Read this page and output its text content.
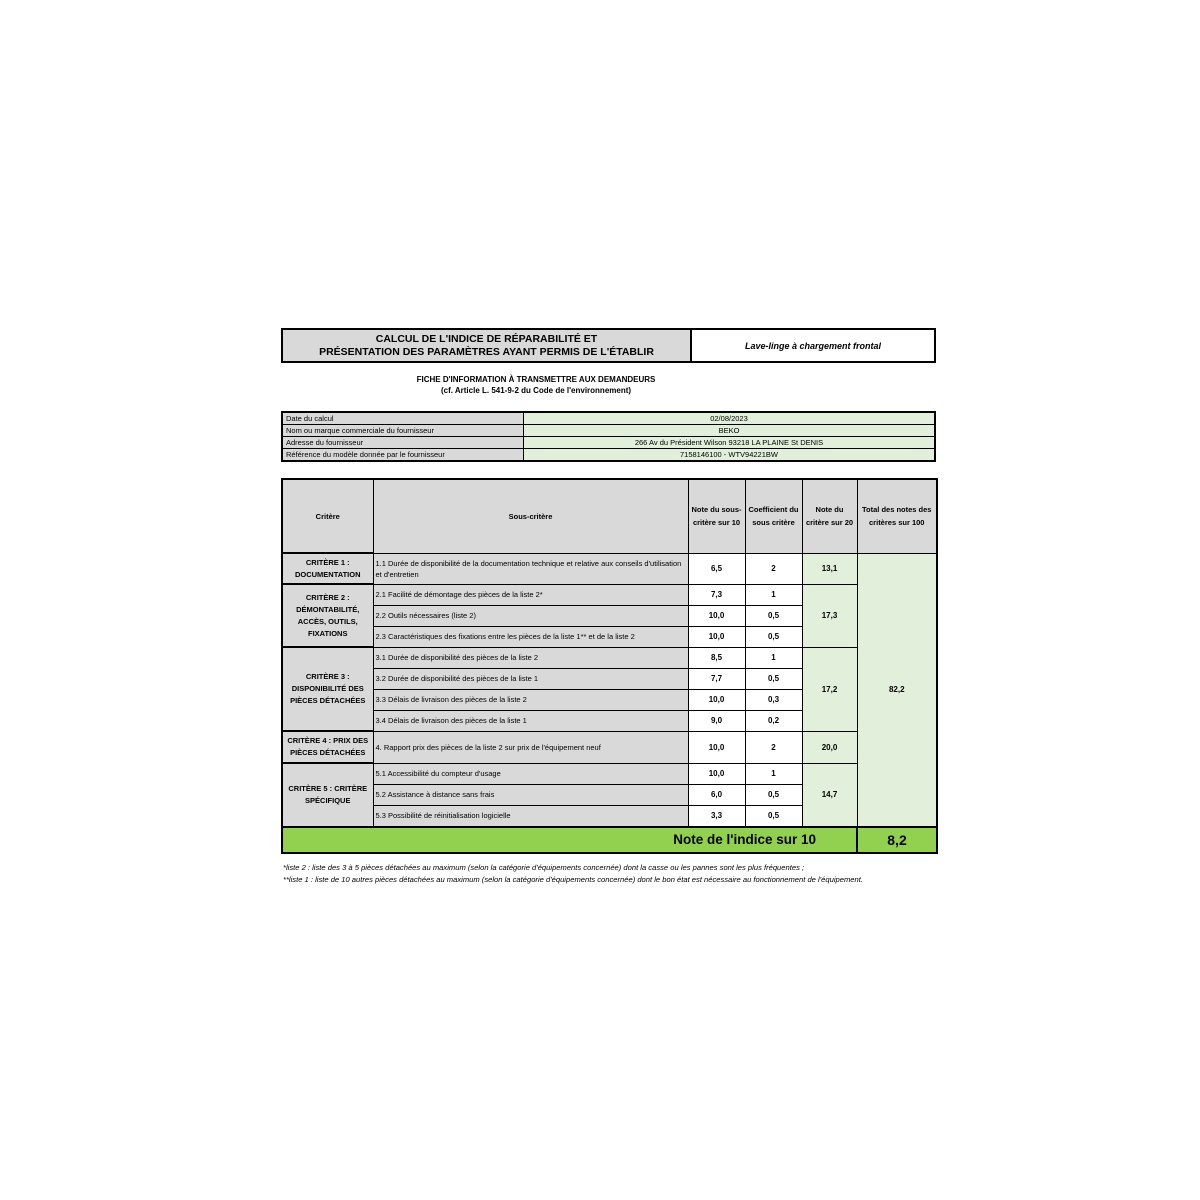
CALCUL DE L'INDICE DE RÉPARABILITÉ ET
PRÉSENTATION DES PARAMÈTRES AYANT PERMIS DE L'ÉTABLIR	Lave-linge à chargement frontal
FICHE D'INFORMATION À TRANSMETTRE AUX DEMANDEURS
(cf. Article L. 541-9-2 du Code de l'environnement)
Date du calcul	02/08/2023
Nom ou marque commerciale du fournisseur	BEKO
Adresse du fournisseur	266 Av du Président Wilson 93218 LA PLAINE St DENIS
Référence du modèle donnée par le fournisseur	7158146100 - WTV94221BW
Critère	Sous-critère	Note du sous-critère sur 10	Coefficient du sous critère	Note du critère sur 20	Total des notes des critères sur 100
CRITÈRE 1 : DOCUMENTATION	1.1 Durée de disponibilité de la documentation technique et relative aux conseils d'utilisation et d'entretien	6,5	2	13,1	82,2
CRITÈRE 2 : DÉMONTABILITÉ, ACCÈS, OUTILS, FIXATIONS	2.1 Facilité de démontage des pièces de la liste 2*	7,3	1	17,3	
	2.2 Outils nécessaires (liste 2)	10,0	0,5		
	2.3 Caractéristiques des fixations entre les pièces de la liste 1** et de la liste 2	10,0	0,5		
CRITÈRE 3 : DISPONIBILITÉ DES PIÈCES DÉTACHÉES	3.1 Durée de disponibilité des pièces de la liste 2	8,5	1	17,2	
	3.2 Durée de disponibilité des pièces de la liste 1	7,7	0,5		
	3.3 Délais de livraison des pièces de la liste 2	10,0	0,3		
	3.4 Délais de livraison des pièces de la liste 1	9,0	0,2		
CRITÈRE 4 : PRIX DES PIÈCES DÉTACHÉES	4. Rapport prix des pièces de la liste 2 sur prix de l'équipement neuf	10,0	2	20,0	
CRITÈRE 5 : CRITÈRE SPÉCIFIQUE	5.1 Accessibilité du compteur d'usage	10,0	1	14,7	
	5.2 Assistance à distance sans frais	6,0	0,5		
	5.3 Possibilité de réinitialisation logicielle	3,3	0,5		
Note de l'indice sur 10					8,2
*liste 2 : liste des 3 à 5 pièces détachées au maximum (selon la catégorie d'équipements concernée) dont la casse ou les pannes sont les plus fréquentes ;
**liste 1 : liste de 10 autres pièces détachées au maximum (selon la catégorie d'équipements concernée) dont le bon état est nécessaire au fonctionnement de l'équipement.
